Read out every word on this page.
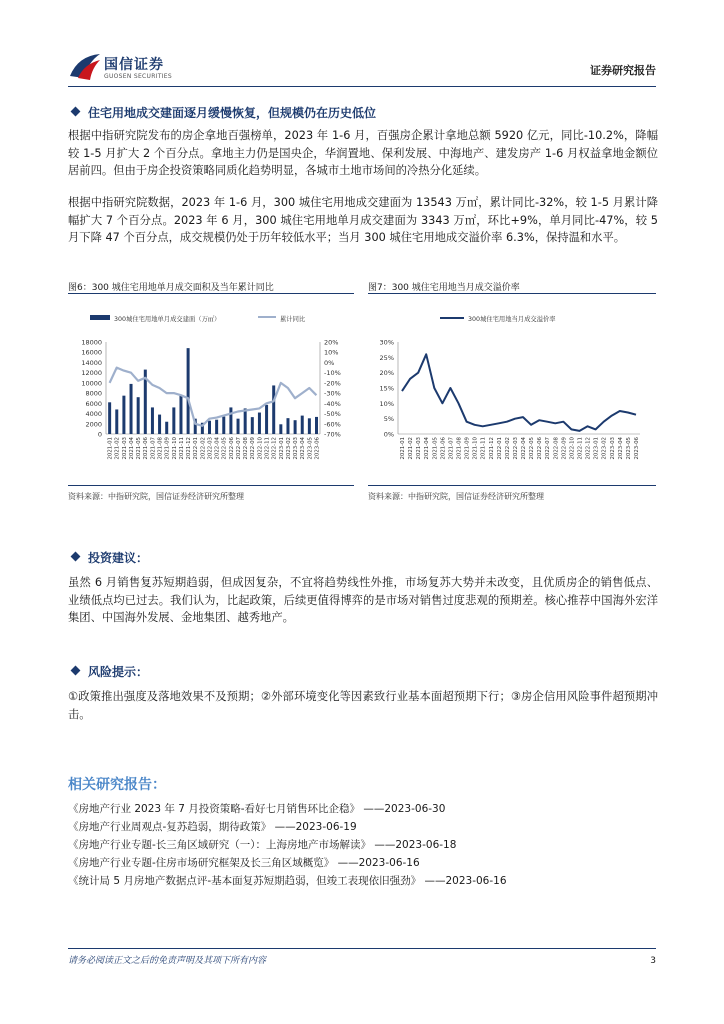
国信证券
GUOSEN SECURITIES	证券研究报告
住宅用地成交建面逐月缓慢恢复，但规模仍在历史低位
根据中指研究院发布的房企拿地百强榜单，2023 年 1-6 月，百强房企累计拿地总额 5920 亿元，同比-10.2%，降幅较 1-5 月扩大 2 个百分点。拿地主力仍是国央企，华润置地、保利发展、中海地产、建发房产 1-6 月权益拿地金额位居前四。但由于房企投资策略同质化趋势明显，各城市土地市场间的冷热分化延续。
根据中指研究院数据，2023 年 1-6 月，300 城住宅用地成交建面为 13543 万㎡，累计同比-32%，较 1-5 月累计降幅扩大 7 个百分点。2023 年 6 月，300 城住宅用地单月成交建面为 3343 万㎡，环比+9%，单月同比-47%，较 5 月下降 47 个百分点，成交规模仍处于历年较低水平；当月 300 城住宅用地成交溢价率 6.3%，保持温和水平。
图6：300 城住宅用地单月成交面积及当年累计同比
300城住宅用地单月成交建面（万㎡）	累计同比
18000
16000
14000
12000
10000
8000
6000
4000
2000
0
20%
10%
0%
-10%
-20%
-30%
-40%
-50%
-60%
-70%
2021-01 2021-02 2021-03 2021-04 2021-05 2021-06 2021-07 2021-08 2021-09 2021-10 2021-11 2021-12 2022-01 2022-02 2022-03 2022-04 2022-05 2022-06 2022-07 2022-08 2022-09 2022-10 2022-11 2022-12 2023-01 2023-02 2023-03 2023-04 2023-05 2023-06
资料来源：中指研究院，国信证券经济研究所整理
图7：300 城住宅用地当月成交溢价率
300城住宅用地当月成交溢价率
30%
25%
20%
15%
10%
5%
0%
2021-01 2021-02 2021-03 2021-04 2021-05 2021-06 2021-07 2021-08 2021-09 2021-10 2021-11 2021-12 2022-01 2022-02 2022-03 2022-04 2022-05 2022-06 2022-07 2022-08 2022-09 2022-10 2022-11 2022-12 2023-01 2023-02 2023-03 2023-04 2023-05 2023-06
资料来源：中指研究院，国信证券经济研究所整理
投资建议：
虽然 6 月销售复苏短期趋弱，但成因复杂，不宜将趋势线性外推，市场复苏大势并未改变，且优质房企的销售低点、业绩低点均已过去。我们认为，比起政策，后续更值得博弈的是市场对销售过度悲观的预期差。核心推荐中国海外宏洋集团、中国海外发展、金地集团、越秀地产。
风险提示：
①政策推出强度及落地效果不及预期；②外部环境变化等因素致行业基本面超预期下行；③房企信用风险事件超预期冲击。
相关研究报告：
《房地产行业 2023 年 7 月投资策略-看好七月销售环比企稳》 ——2023-06-30
《房地产行业周观点-复苏趋弱，期待政策》 ——2023-06-19
《房地产行业专题-长三角区域研究（一）：上海房地产市场解读》 ——2023-06-18
《房地产行业专题-住房市场研究框架及长三角区域概览》 ——2023-06-16
《统计局 5 月房地产数据点评-基本面复苏短期趋弱，但竣工表现依旧强劲》 ——2023-06-16
请务必阅读正文之后的免责声明及其项下所有内容	3
